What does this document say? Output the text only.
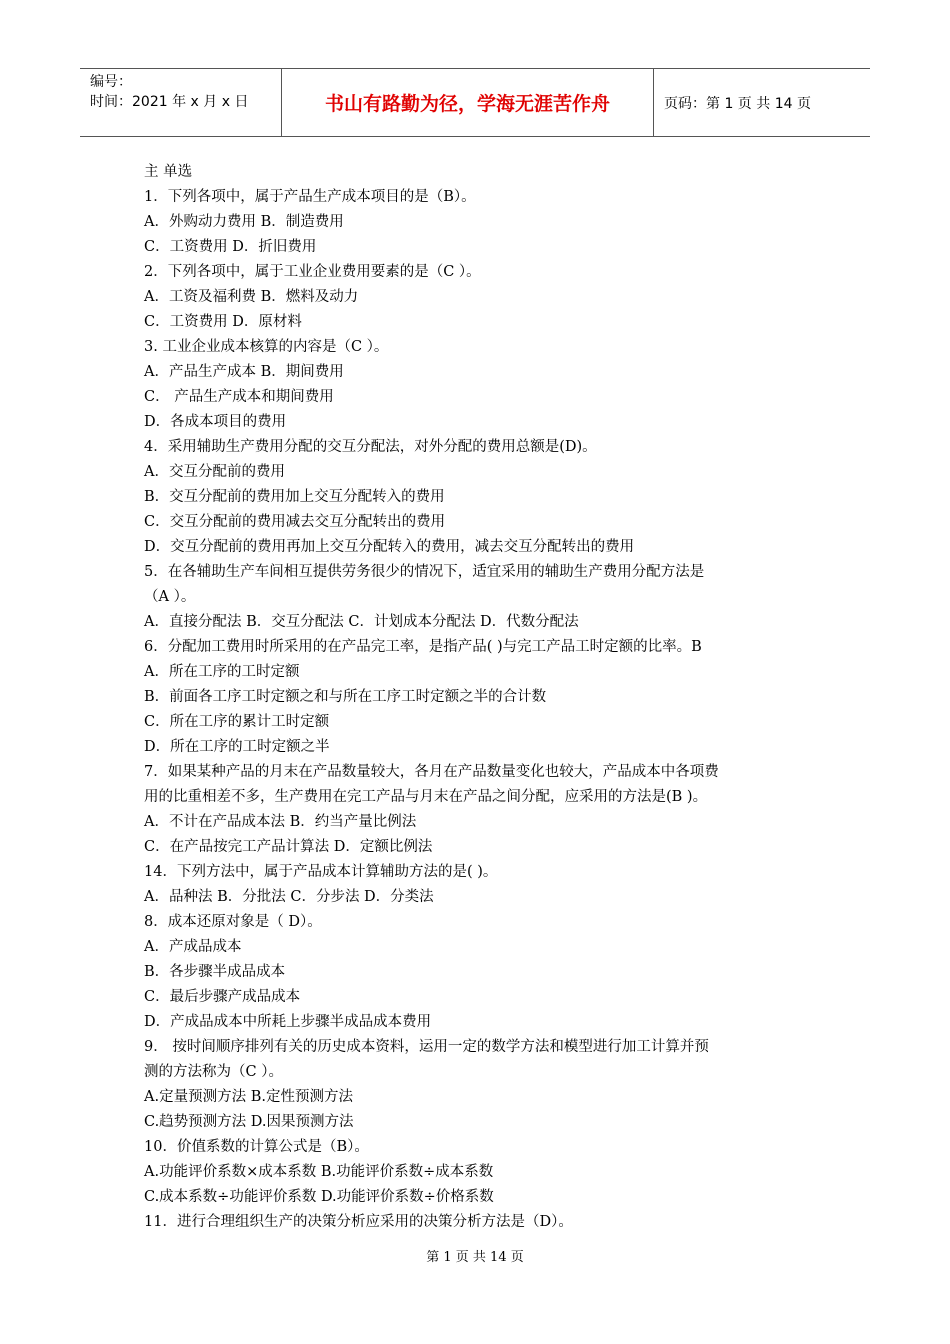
编号：
时间：2021 年 x 月 x 日	书山有路勤为径，学海无涯苦作舟	页码：第 1 页 共 14 页
主 单选
1．下列各项中，属于产品生产成本项目的是（B）。
A．外购动力费用 B．制造费用
C．工资费用 D．折旧费用
2．下列各项中，属于工业企业费用要素的是（C ）。
A．工资及福利费 B．燃料及动力
C．工资费用 D．原材料
3. 工业企业成本核算的内容是（C ）。
A．产品生产成本 B．期间费用
C． 产品生产成本和期间费用
D．各成本项目的费用
4．采用辅助生产费用分配的交互分配法，对外分配的费用总额是(D)。
A．交互分配前的费用
B．交互分配前的费用加上交互分配转入的费用
C．交互分配前的费用减去交互分配转出的费用
D．交互分配前的费用再加上交互分配转入的费用，减去交互分配转出的费用
5．在各辅助生产车间相互提供劳务很少的情况下，适宜采用的辅助生产费用分配方法是
（A ）。
A．直接分配法 B．交互分配法 C．计划成本分配法 D．代数分配法
6．分配加工费用时所采用的在产品完工率，是指产品( )与完工产品工时定额的比率。B
A．所在工序的工时定额
B．前面各工序工时定额之和与所在工序工时定额之半的合计数
C．所在工序的累计工时定额
D．所在工序的工时定额之半
7．如果某种产品的月末在产品数量较大，各月在产品数量变化也较大，产品成本中各项费
用的比重相差不多，生产费用在完工产品与月末在产品之间分配，应采用的方法是(B )。
A．不计在产品成本法 B．约当产量比例法
C．在产品按完工产品计算法 D．定额比例法
14．下列方法中，属于产品成本计算辅助方法的是( )。
A．品种法 B．分批法 C．分步法 D．分类法
8．成本还原对象是（ D）。
A．产成品成本
B．各步骤半成品成本
C．最后步骤产成品成本
D．产成品成本中所耗上步骤半成品成本费用
9． 按时间顺序排列有关的历史成本资料，运用一定的数学方法和模型进行加工计算并预
测的方法称为（C ）。
A.定量预测方法 B.定性预测方法
C.趋势预测方法 D.因果预测方法
10．价值系数的计算公式是（B）。
A.功能评价系数×成本系数 B.功能评价系数÷成本系数
C.成本系数÷功能评价系数 D.功能评价系数÷价格系数
11．进行合理组织生产的决策分析应采用的决策分析方法是（D）。
第 1 页 共 14 页
